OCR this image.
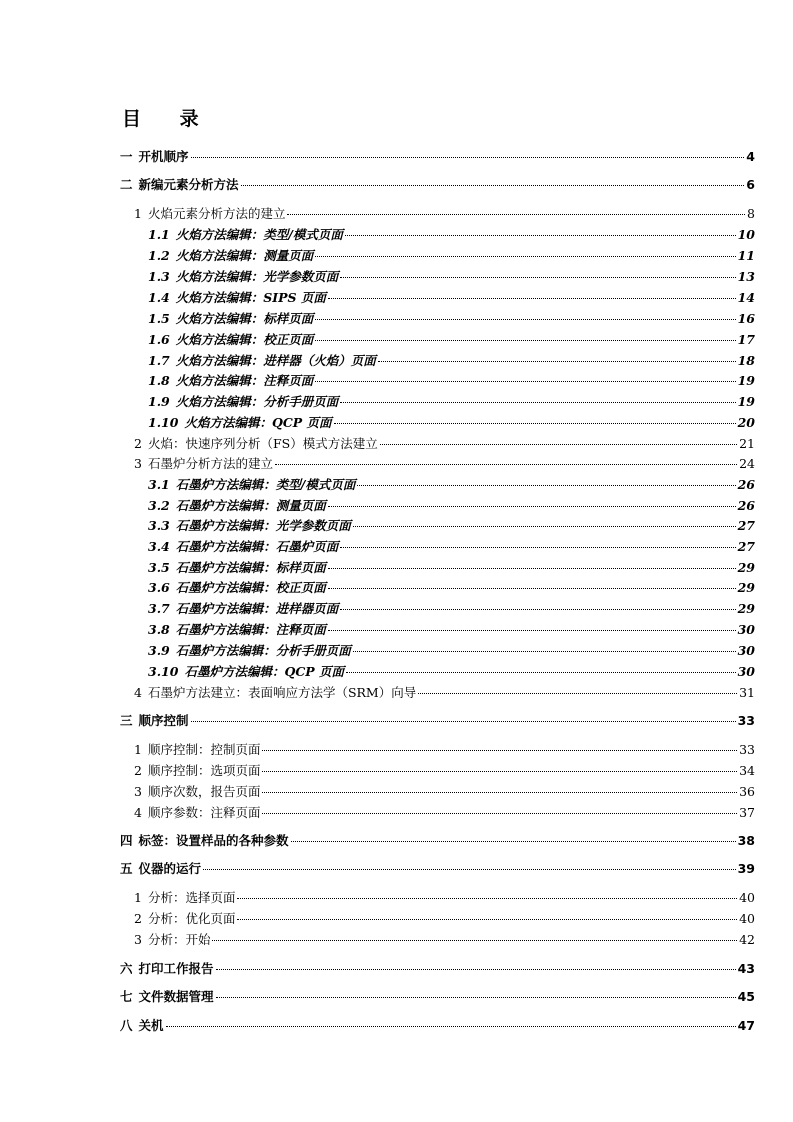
目 录
一 开机顺序	4
二 新编元素分析方法	6
1 火焰元素分析方法的建立	8
1.1 火焰方法编辑：类型/模式页面	10
1.2 火焰方法编辑：测量页面	11
1.3 火焰方法编辑：光学参数页面	13
1.4 火焰方法编辑：SIPS 页面	14
1.5 火焰方法编辑：标样页面	16
1.6 火焰方法编辑：校正页面	17
1.7 火焰方法编辑：进样器（火焰）页面	18
1.8 火焰方法编辑：注释页面	19
1.9 火焰方法编辑：分析手册页面	19
1.10 火焰方法编辑：QCP 页面	20
2 火焰：快速序列分析（FS）模式方法建立	21
3 石墨炉分析方法的建立	24
3.1 石墨炉方法编辑：类型/模式页面	26
3.2 石墨炉方法编辑：测量页面	26
3.3 石墨炉方法编辑：光学参数页面	27
3.4 石墨炉方法编辑：石墨炉页面	27
3.5 石墨炉方法编辑：标样页面	29
3.6 石墨炉方法编辑：校正页面	29
3.7 石墨炉方法编辑：进样器页面	29
3.8 石墨炉方法编辑：注释页面	30
3.9 石墨炉方法编辑：分析手册页面	30
3.10 石墨炉方法编辑：QCP 页面	30
4 石墨炉方法建立：表面响应方法学（SRM）向导	31
三 顺序控制	33
1 顺序控制：控制页面	33
2 顺序控制：选项页面	34
3 顺序次数，报告页面	36
4 顺序参数：注释页面	37
四 标签：设置样品的各种参数	38
五 仪器的运行	39
1 分析：选择页面	40
2 分析：优化页面	40
3 分析：开始	42
六 打印工作报告	43
七 文件数据管理	45
八 关机	47
